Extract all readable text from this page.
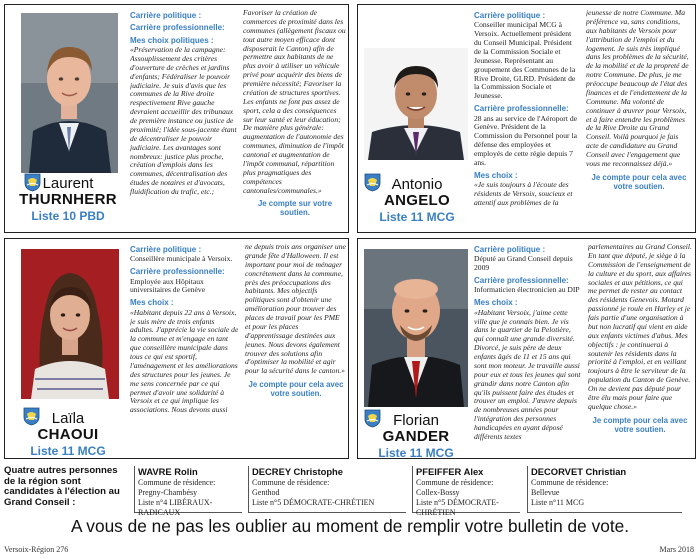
Laurent
THURNHERR
Liste 10 PBD
Carrière politique :

Carrière professionnelle:

Mes choix politiques :

«Préservation de la campagne: Assouplissement des critères d'ouverture de crèches et jardins d'enfants; Fédéraliser le pouvoir judiciaire. Je suis d'avis que les communes de la Rive droite respectivement Rive gauche devraient accueillir des tribunaux de première instance ou justice de proximité; l'idée sous-jacente étant de décentraliser le pouvoir judiciaire. Les avantages sont nombreux: justice plus proche, création d'emplois dans les communes, décentralisation des études de notaires et d'avocats, fluidification du trafic, etc.;

Favoriser la création de commerces de proximité dans les communes (allègement fiscaux ou tout autre moyen efficace dont disposerait le Canton) afin de permettre aux habitants de ne plus avoir à utiliser un véhicule privé pour acquérir des biens de première nécessité; Favoriser la création de structures sportives. Les enfants ne font pas assez de sport, cela a des conséquences sur leur santé et leur éducation; De manière plus générale: augmentation de l'autonomie des communes, diminution de l'impôt cantonal et augmentation de l'impôt communal, répartition plus pragmatiques des compétences cantonales/communales.»

Je compte sur votre soutien.
Antonio
ANGELO
Liste 11 MCG
Carrière politique :

Conseiller municipal MCG à Versoix. Actuellement président du Conseil Municipal. Président de la Commission Sociale et Jeunesse. Représentant au groupement des Communes de la Rive Droite, GLRD. Président de la Commission Sociale et Jeunesse.

Carrière professionnelle:

28 ans au service de l'Aéroport de Genève. Président de la Commission du Personnel pour la défense des employées et employés de cette régie depuis 7 ans.

Mes choix :

«Je suis toujours à l'écoute des résidents de Versoix, soucieux et attentif aux problèmes de la

jeunesse de notre Commune. Ma préférence va, sans conditions, aux habitants de Versoix pour l'attribution de l'emploi et du logement. Je suis très impliqué dans les problèmes de la sécurité, de la mobilité et de la propreté de notre Commune. De plus, je me préoccupe beaucoup de l'état des finances et de l'endettement de la Commune. Ma volonté de continuer à œuvrer pour Versoix, et à faire entendre les problèmes de la Rive Droite au Grand Conseil. Voilà pourquoi je fais acte de candidature au Grand Conseil avec l'engagement que vous me reconnaissez déjà.»

Je compte pour cela avec votre soutien.
Laïla
CHAOUI
Liste 11 MCG
Carrière politique :

Conseillère municipale à Versoix.

Carrière professionnelle:

Employée aux Hôpitaux universitaires de Genève

Mes choix :

«Habitant depuis 22 ans à Versoix, je suis mère de trois enfants adultes. J'apprécie la vie sociale de la commune et m'engage en tant que conseillère municipale dans tous ce qui est sportif, l'aménagement et les améliorations des structures pour les jeunes. Je me sens concernée par ce qui permet d'avoir une solidarité à Versoix et ce qui implique les associations. Nous devons aussi

ne depuis trois ans organiser une grande fête d'Halloween. Il est important pour moi de ménager concrètement dans la commune, près des préoccupations des habitants. Mes objectifs politiques sont d'obtenir une amélioration pour trouver des places de travail pour les PME et pour les places d'apprentissage destinées aux jeunes. Nous devons également trouver des solutions afin d'optimiser la mobilité et agir pour la sécurité dans le canton.»

Je compte pour cela avec votre soutien.
Florian
GANDER
Liste 11 MCG
Carrière politique :

Député au Grand Conseil depuis 2009

Carrière professionnelle:

Informaticien électronicien au DIP

Mes choix :

«Habitant Versoix, j'aime cette ville que je connais bien. Je vis dans le quartier de la Pelotière, qui connaît une grande diversité. Divorcé, je suis père de deux enfants âgés de 11 et 15 ans qui sont mon moteur. Je travaille aussi pour eux et tous les jeunes qui sont grandir dans notre Canton afin qu'ils puissent faire des études et trouver un emploi. J'œuvre depuis de nombreuses années pour l'intégration des personnes handicapées en ayant déposé différents textes

parlementaires au Grand Conseil. En tant que député, je siège à la Commission de l'enseignement de la culture et du sport, aux affaires sociales et aux pétitions, ce qui me permet de rester au contact des résidents Genevois. Motard passionné je roule en Harley et je fais partie d'une organisation à but non lucratif qui vient en aide aux enfants victimes d'abus. Mes objectifs : je continuerai à soutenir les résidents dans la priorité à l'emploi, et en veillant toujours à être le serviteur de la population du Canton de Genève. On ne devient pas député pour être élu mais pour faire que quelque chose.»

Je compte pour cela avec votre soutien.
Quatre autres personnes de la région sont candidates à l'élection au Grand Conseil :
WAVRE Rolin
Commune de résidence:
Pregny-Chambésy
Liste n°4 LIBÉRAUX-RADICAUX
DECREY Christophe
Commune de résidence:
Genthod
Liste n°5 DÉMOCRATE-CHRÉTIEN
PFEIFFER Alex
Commune de résidence:
Collex-Bossy
Liste n°5 DÉMOCRATE-CHRÉTIEN
DECORVET Christian
Commune de résidence:
Bellevue
Liste n°11 MCG
A vous de ne pas les oublier au moment de remplir votre bulletin de vote.
Versoix-Région 276	Mars 2018
